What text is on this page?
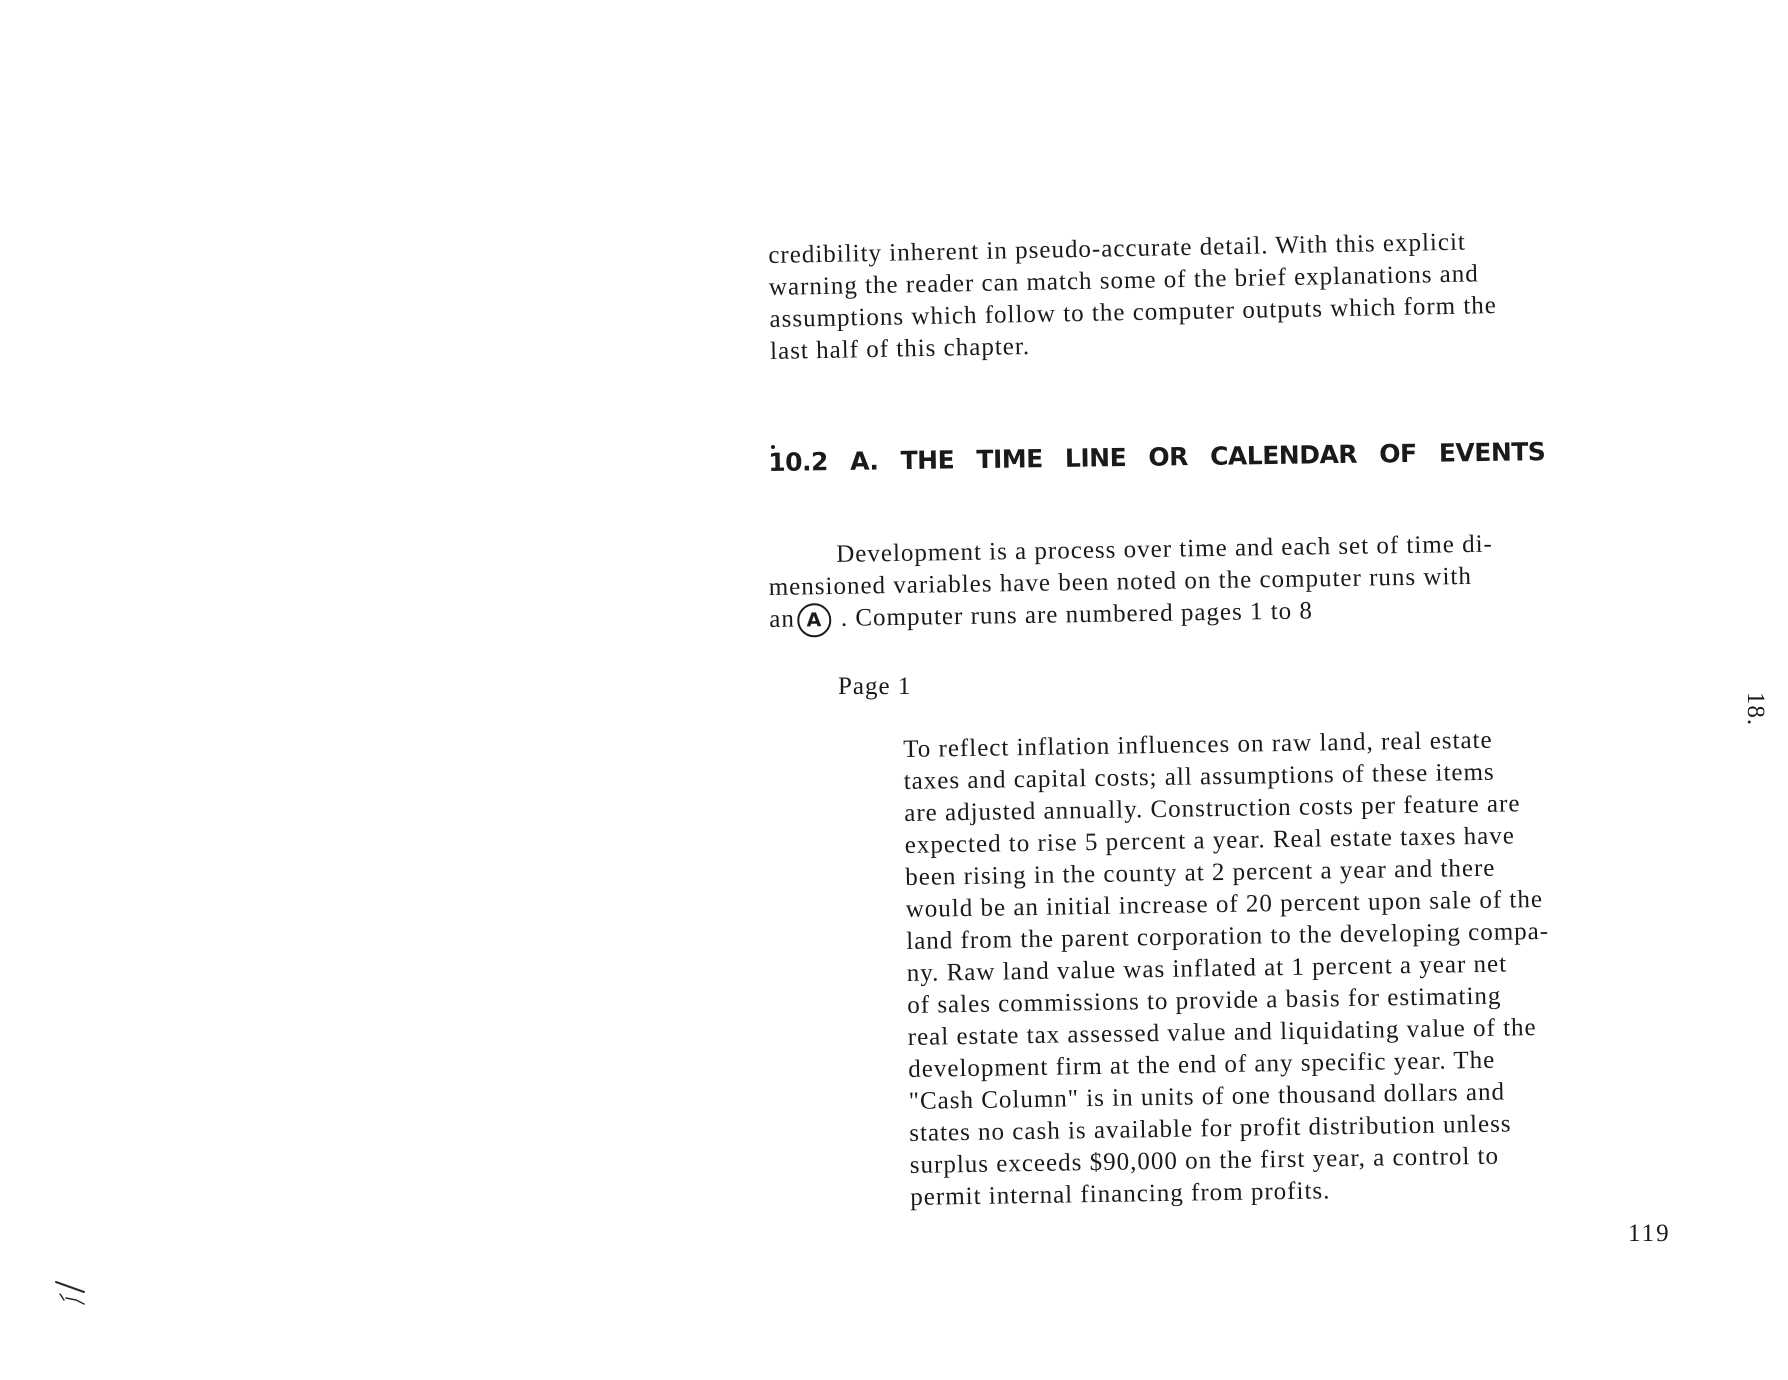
credibility inherent in pseudo-accurate detail. With this explicit
warning the reader can match some of the brief explanations and
assumptions which follow to the computer outputs which form the
last half of this chapter.
10.2 A. THE TIME LINE OR CALENDAR OF EVENTS
Development is a process over time and each set of time di-
mensioned variables have been noted on the computer runs with
an A . Computer runs are numbered pages 1 to 8
Page 1
To reflect inflation influences on raw land, real estate
taxes and capital costs; all assumptions of these items
are adjusted annually. Construction costs per feature are
expected to rise 5 percent a year. Real estate taxes have
been rising in the county at 2 percent a year and there
would be an initial increase of 20 percent upon sale of the
land from the parent corporation to the developing compa-
ny. Raw land value was inflated at 1 percent a year net
of sales commissions to provide a basis for estimating
real estate tax assessed value and liquidating value of the
development firm at the end of any specific year. The
"Cash Column" is in units of one thousand dollars and
states no cash is available for profit distribution unless
surplus exceeds $90,000 on the first year, a control to
permit internal financing from profits.
119
18.
